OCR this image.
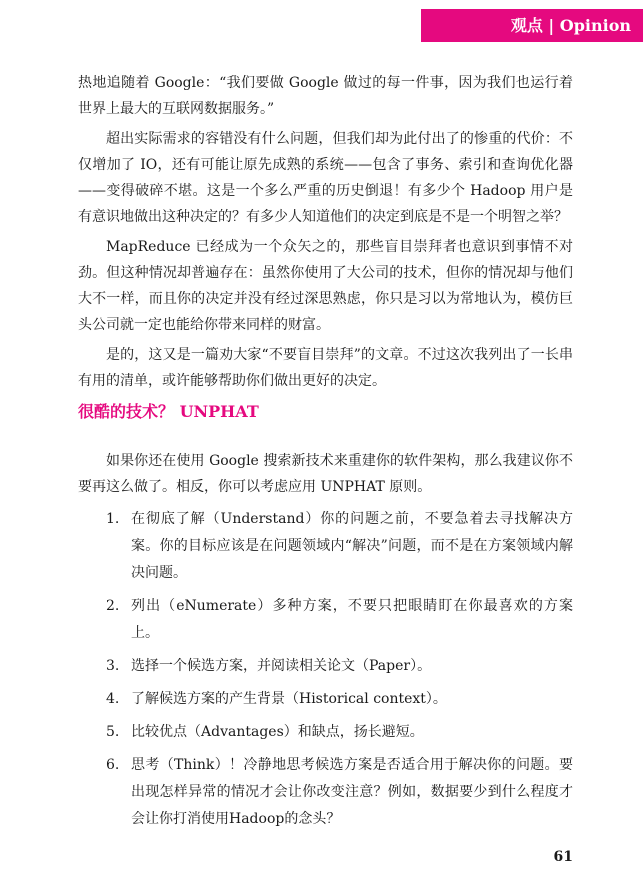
观点 | Opinion

热地追随着 Google：“我们要做 Google 做过的每一件事，因为我们也运行着世界上最大的互联网数据服务。”

超出实际需求的容错没有什么问题，但我们却为此付出了的惨重的代价：不仅增加了 IO，还有可能让原先成熟的系统——包含了事务、索引和查询优化器——变得破碎不堪。这是一个多么严重的历史倒退！有多少个 Hadoop 用户是有意识地做出这种决定的？有多少人知道他们的决定到底是不是一个明智之举？

MapReduce 已经成为一个众矢之的，那些盲目崇拜者也意识到事情不对劲。但这种情况却普遍存在：虽然你使用了大公司的技术，但你的情况却与他们大不一样，而且你的决定并没有经过深思熟虑，你只是习以为常地认为，模仿巨头公司就一定也能给你带来同样的财富。

是的，这又是一篇劝大家“不要盲目崇拜”的文章。不过这次我列出了一长串有用的清单，或许能够帮助你们做出更好的决定。

很酷的技术？ UNPHAT

如果你还在使用 Google 搜索新技术来重建你的软件架构，那么我建议你不要再这么做了。相反，你可以考虑应用 UNPHAT 原则。

1. 在彻底了解（Understand）你的问题之前，不要急着去寻找解决方案。你的目标应该是在问题领域内“解决”问题，而不是在方案领域内解决问题。
2. 列出（eNumerate）多种方案，不要只把眼睛盯在你最喜欢的方案上。
3. 选择一个候选方案，并阅读相关论文（Paper）。
4. 了解候选方案的产生背景（Historical context）。
5. 比较优点（Advantages）和缺点，扬长避短。
6. 思考（Think）！冷静地思考候选方案是否适合用于解决你的问题。要出现怎样异常的情况才会让你改变注意？例如，数据要少到什么程度才会让你打消使用Hadoop的念头？
61
